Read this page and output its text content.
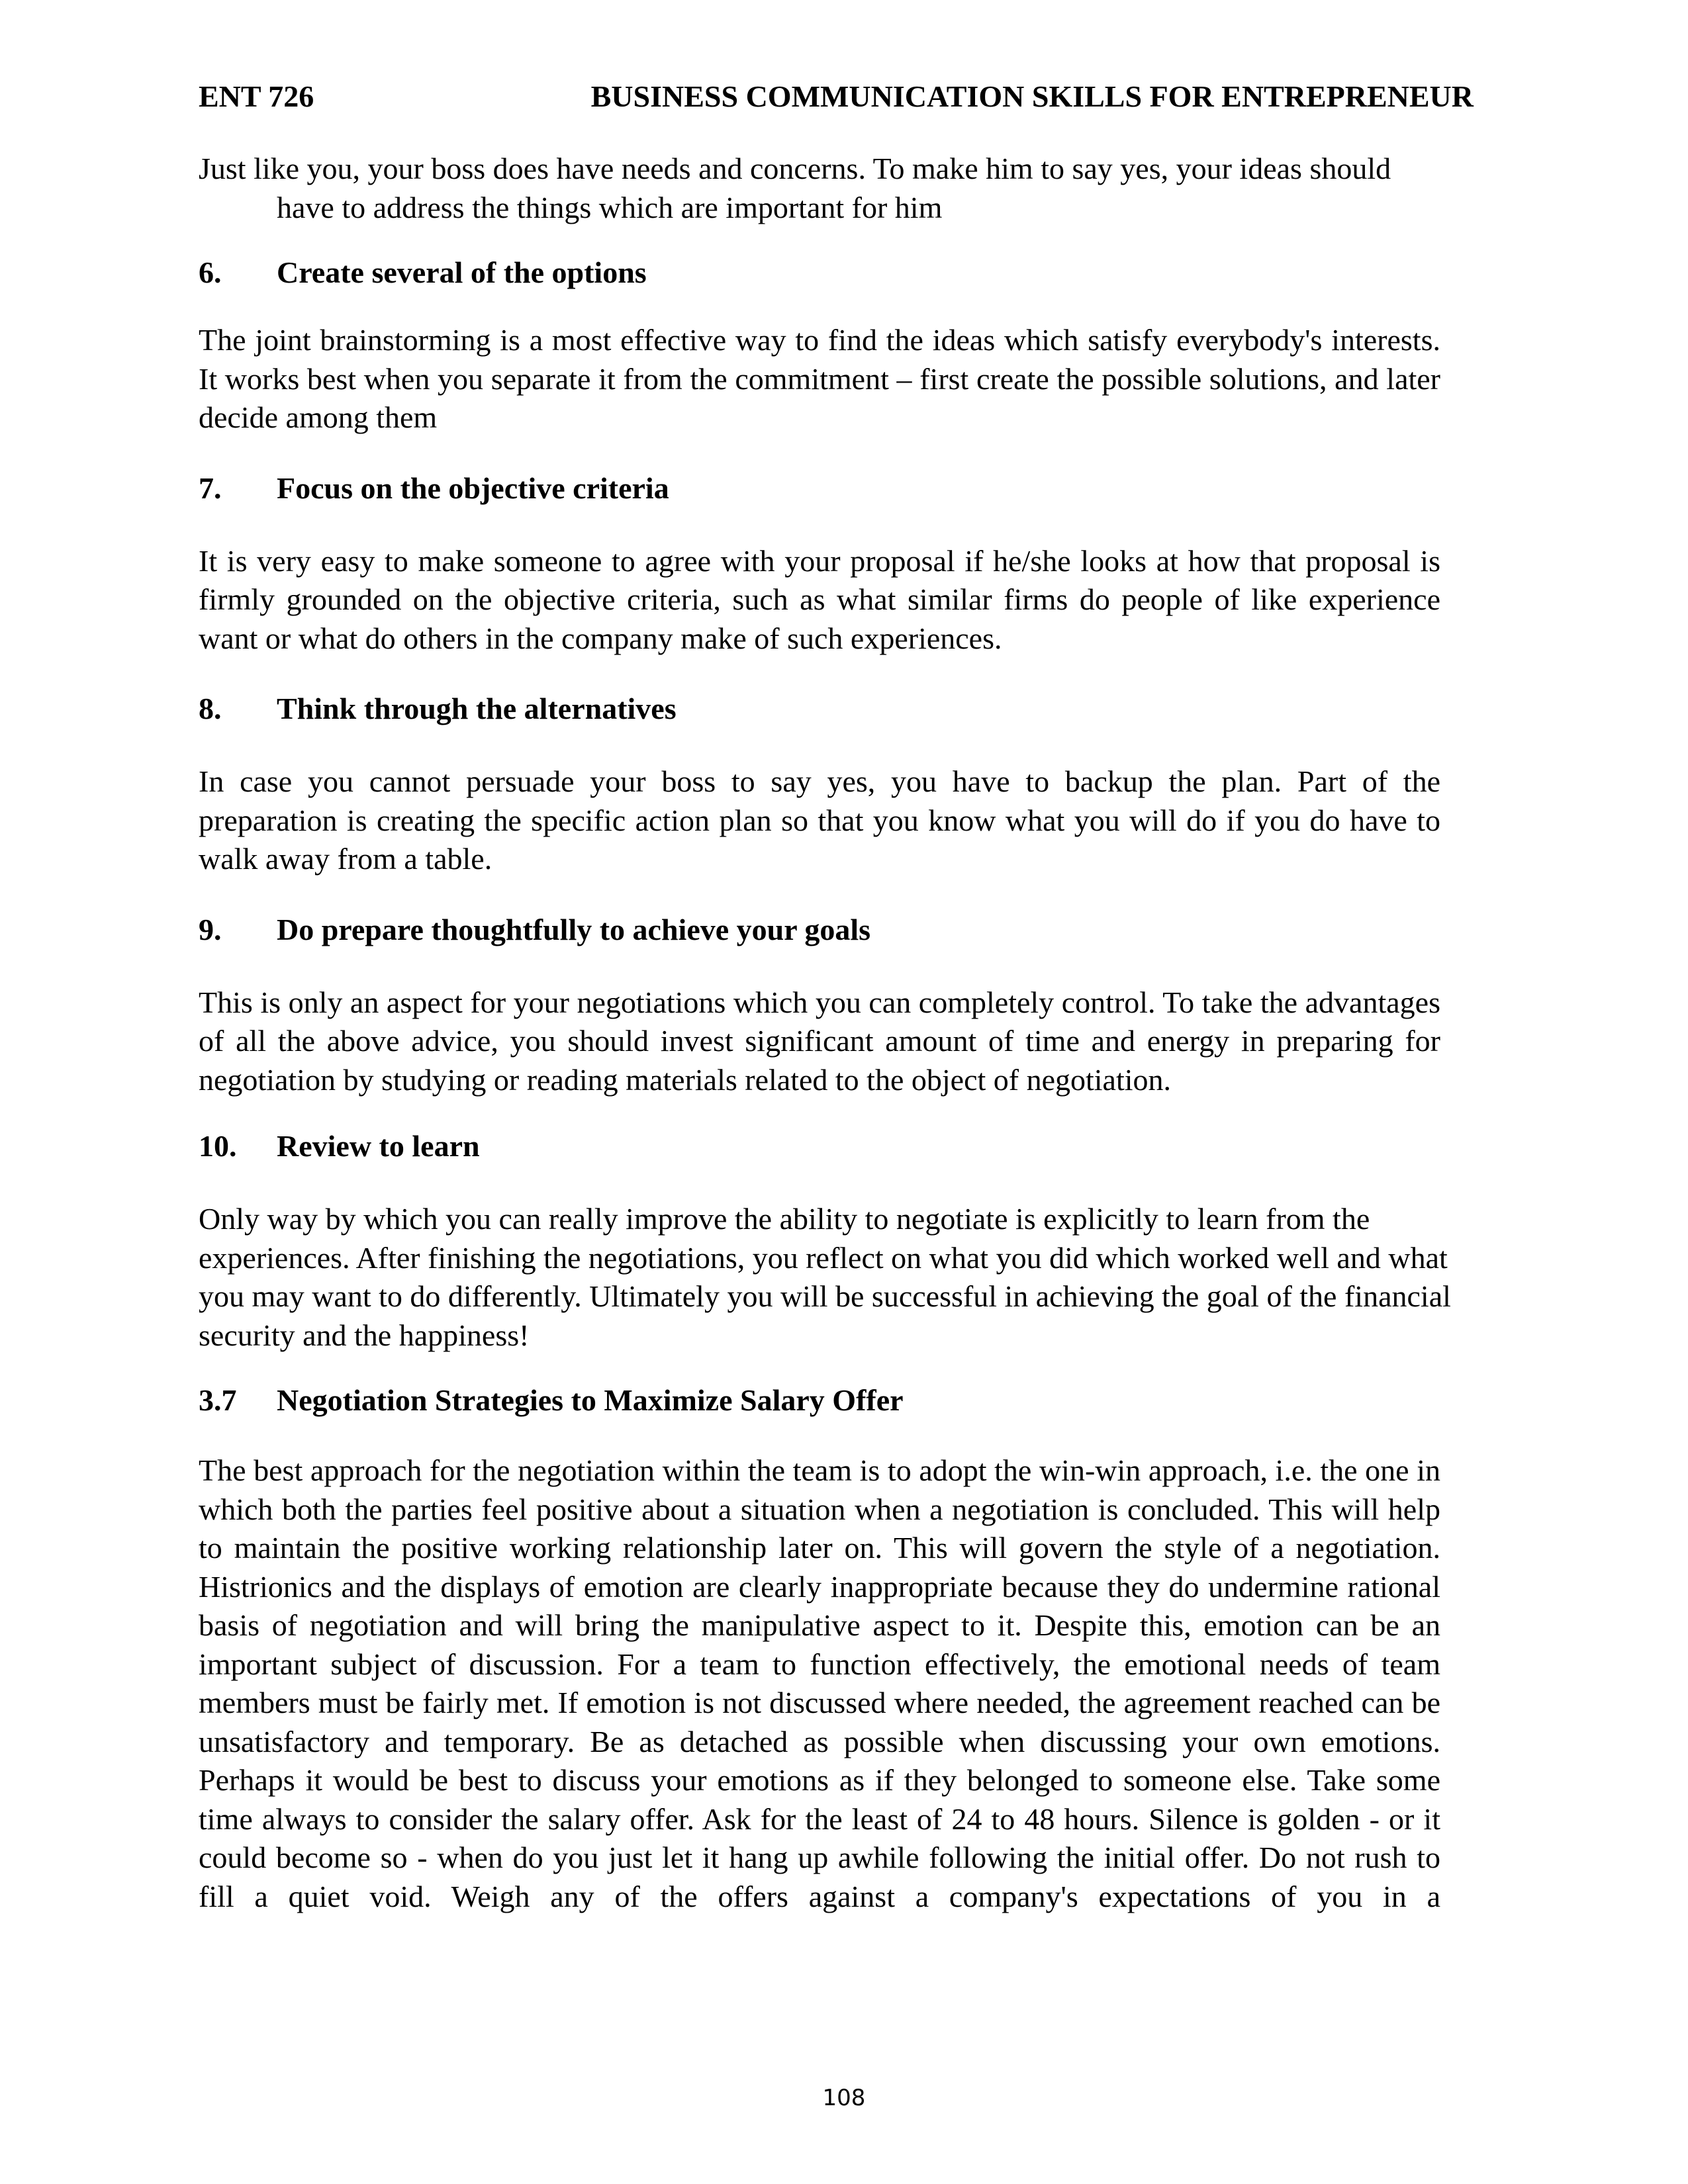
ENT 726	BUSINESS COMMUNICATION SKILLS FOR ENTREPRENEUR

Just like you, your boss does have needs and concerns. To make him to say yes, your ideas should have to address the things which are important for him

6.	Create several of the options

The joint brainstorming is a most effective way to find the ideas which satisfy everybody's interests. It works best when you separate it from the commitment – first create the possible solutions, and later decide among them

7.	Focus on the objective criteria

It is very easy to make someone to agree with your proposal if he/she looks at how that proposal is firmly grounded on the objective criteria, such as what similar firms do people of like experience want or what do others in the company make of such experiences.

8.	Think through the alternatives

In case you cannot persuade your boss to say yes, you have to backup the plan. Part of the preparation is creating the specific action plan so that you know what you will do if you do have to walk away from a table.

9.	Do prepare thoughtfully to achieve your goals

This is only an aspect for your negotiations which you can completely control. To take the advantages of all the above advice, you should invest significant amount of time and energy in preparing for negotiation by studying or reading materials related to the object of negotiation.

10.	Review to learn

Only way by which you can really improve the ability to negotiate is explicitly to learn from the experiences. After finishing the negotiations, you reflect on what you did which worked well and what you may want to do differently. Ultimately you will be successful in achieving the goal of the financial security and the happiness!

3.7	Negotiation Strategies to Maximize Salary Offer

The best approach for the negotiation within the team is to adopt the win-win approach, i.e. the one in which both the parties feel positive about a situation when a negotiation is concluded. This will help to maintain the positive working relationship later on. This will govern the style of a negotiation. Histrionics and the displays of emotion are clearly inappropriate because they do undermine rational basis of negotiation and will bring the manipulative aspect to it. Despite this, emotion can be an important subject of discussion. For a team to function effectively, the emotional needs of team members must be fairly met. If emotion is not discussed where needed, the agreement reached can be unsatisfactory and temporary. Be as detached as possible when discussing your own emotions. Perhaps it would be best to discuss your emotions as if they belonged to someone else. Take some time always to consider the salary offer. Ask for the least of 24 to 48 hours. Silence is golden - or it could become so - when do you just let it hang up awhile following the initial offer. Do not rush to fill a quiet void. Weigh any of the offers against a company's expectations of you in a

108
